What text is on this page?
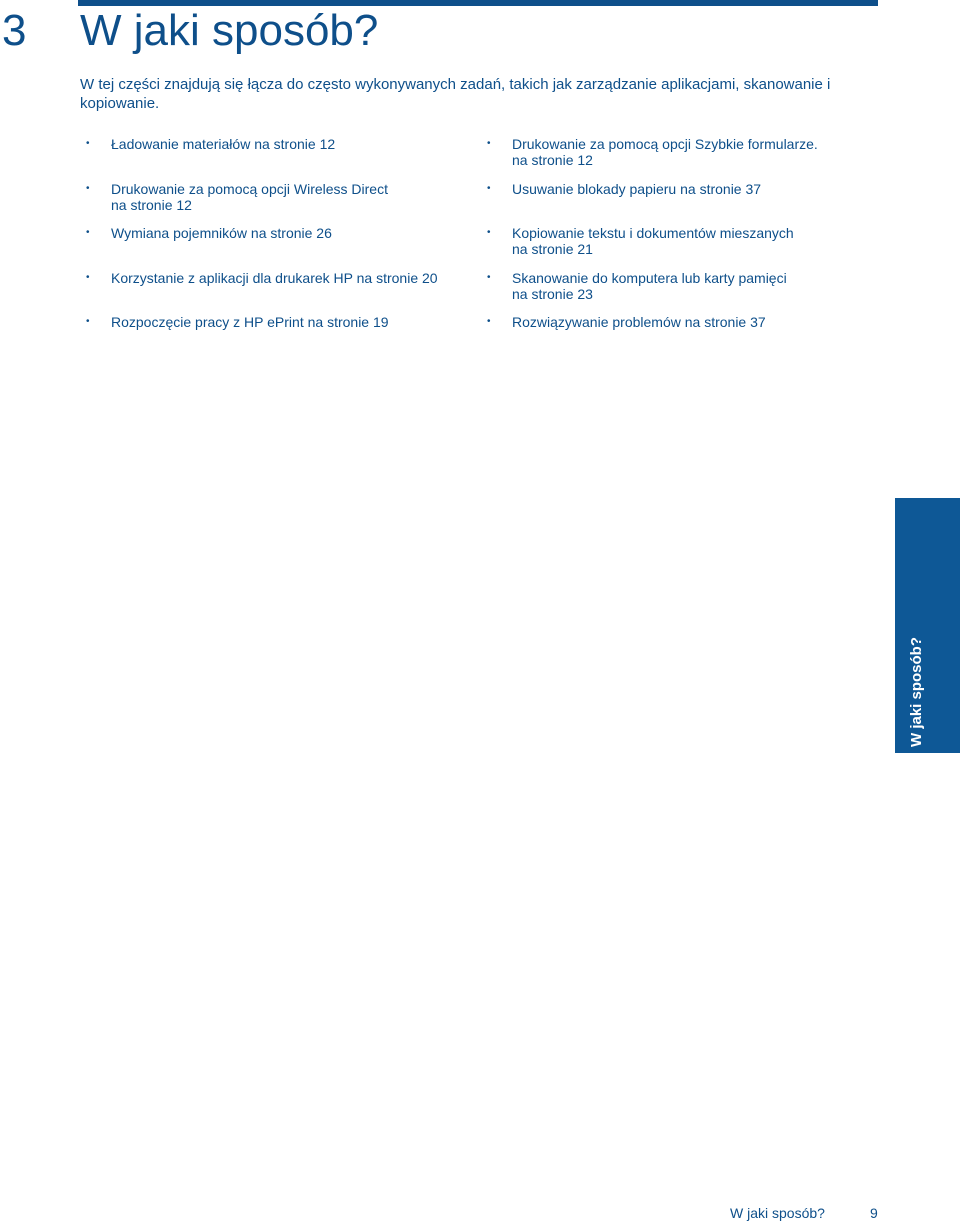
3 W jaki sposób?

W tej części znajdują się łącza do często wykonywanych zadań, takich jak zarządzanie aplikacjami, skanowanie i kopiowanie.

• Ładowanie materiałów na stronie 12

• Drukowanie za pomocą opcji Wireless Direct
na stronie 12
• Wymiana pojemników na stronie 26

• Korzystanie z aplikacji dla drukarek HP na stronie 20

• Rozpoczęcie pracy z HP ePrint na stronie 19

• Drukowanie za pomocą opcji Szybkie formularze.
na stronie 12
• Usuwanie blokady papieru na stronie 37

• Kopiowanie tekstu i dokumentów mieszanych
na stronie 21
• Skanowanie do komputera lub karty pamięci
na stronie 23
• Rozwiązywanie problemów na stronie 37

W jaki sposób?
W jaki sposób?	9
